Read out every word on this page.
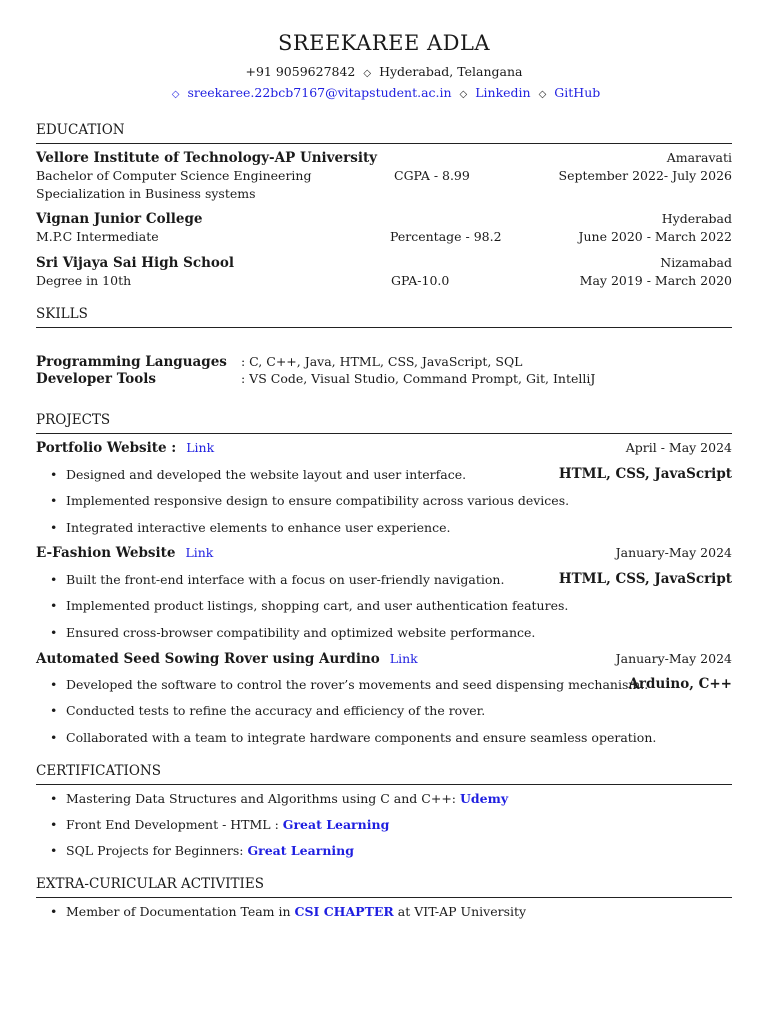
SREEKAREE ADLA
+91 9059627842 ◇ Hyderabad, Telangana
◇ sreekaree.22bcb7167@vitapstudent.ac.in ◇ Linkedin ◇ GitHub
EDUCATION
Vellore Institute of Technology-AP University	Amaravati
Bachelor of Computer Science Engineering	CGPA - 8.99	September 2022- July 2026
Specialization in Business systems
Vignan Junior College	Hyderabad
M.P.C Intermediate	Percentage - 98.2	June 2020 - March 2022
Sri Vijaya Sai High School	Nizamabad
Degree in 10th	GPA-10.0	May 2019 - March 2020
SKILLS
Programming Languages : C, C++, Java, HTML, CSS, JavaScript, SQL
Developer Tools	: VS Code, Visual Studio, Command Prompt, Git, IntelliJ
PROJECTS
Portfolio Website : Link	April - May 2024
• Designed and developed the website layout and user interface.	HTML, CSS, JavaScript
• Implemented responsive design to ensure compatibility across various devices.
• Integrated interactive elements to enhance user experience.
E-Fashion Website Link	January-May 2024
• Built the front-end interface with a focus on user-friendly navigation.	HTML, CSS, JavaScript
• Implemented product listings, shopping cart, and user authentication features.
• Ensured cross-browser compatibility and optimized website performance.
Automated Seed Sowing Rover using Aurdino Link	January-May 2024
• Developed the software to control the rover’s movements and seed dispensing mechanism..
Arduino, C++
• Conducted tests to refine the accuracy and efficiency of the rover.
• Collaborated with a team to integrate hardware components and ensure seamless operation.
CERTIFICATIONS
• Mastering Data Structures and Algorithms using C and C++: Udemy
• Front End Development - HTML : Great Learning
• SQL Projects for Beginners: Great Learning
EXTRA-CURICULAR ACTIVITIES
• Member of Documentation Team in CSI CHAPTER at VIT-AP University
